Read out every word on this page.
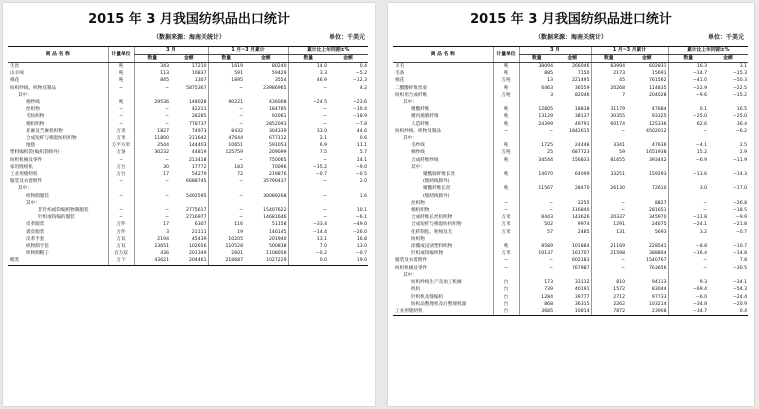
2015 年 3 月我国纺织品出口统计
（数据来源：海南关统计）	单位：千美元
商 品 名 称	计量单位	3 月		1 月~3 月累计		累计比上年同期±%	
		数量	金额	数量	金额	数量	金额
生丝	吨	343	17210	1619	80240	14.0	0.4
山羊绒	吨	113	10837	591	59429	3.3	−5.2
棉花	吨	845	1307	1895	3554	46.9	−12.3
纺织纱线、织物及制品	−	−	5875367	−	23986965	−	4.2
其中：							
棉纱线	吨	29536	148028	90221	436008	−24.5	−23.6
丝织物	−	−	42211	−	184785	−	−10.4
毛纺织物	−	−	28285	−	92061	−	−18.9
棉机织物	−	−	778737	−	2852093	−	−7.8
亚麻及苎麻机织物	万米	1827	74973	8432	304339	33.0	44.6
合成短纤与棉混纺机织物	万米	11800	211642	47644	677112	2.1	0.6
地毯	万平方米	2544	144403	10651	591053	6.9	11.1
塑料编织袋(编织袋除外)	万条	30232	44819	125759	209099	7.5	5.7
纺织机械及零件	−	−	213418	−	750065	−	14.1
家用缝纫机	万台	30	17772	183	70096	−15.2	−9.0
工业用缝纫机	万台	17	54279	72	219876	−0.7	−0.5
服装及衣着附件	−	−	6688745	−	35790437	−	2.0
其中：							
织物制服装	−	−	5492595	−	30089268	−	1.6
其中：							
非针织或钩编织物制服装	−	−	2775617	−	15407622	−	10.1
针织或钩编的服装	−	−	2716977	−	14681646	−	−6.1
皮革服装	万件	17	6307	116	51158	−33.4	−49.0
裘皮服装	万件	3	21111	19	146145	−14.4	−26.0
皮革手套	万双	2194	45439	10205	201940	13.1	16.8
织物制手套	万双	23651	102656	110528	500838	7.0	13.0
织物制帽子	百万双	436	201349	2601	1108058	−0.2	−0.7
帽类	万个	43621	204461	218687	1027229	0.0	19.0
2015 年 3 月我国纺织品进口统计
（数据来源：海南关统计）	单位：千美元
商 品 名 称	计量单位	3 月		1 月~3 月累计		累计比上年同期±%	
		数量	金额	数量	金额	数量	金额
羊毛	吨	38094	266046	83994	602831	16.3	3.1
毛条	吨	885	7150	2173	15691	−14.7	−15.3
棉花	万吨	13	221495	45	761562	−41.0	−50.3
二醋酸纤维丝束	吨	6463	36559	20268	114835	−22.9	−22.5
纺织用合成纤维	万吨	3	82046	7	204028	−9.6	−15.2
其中：							
聚酯纤维	吨	12805	18838	31179	47684	0.1	16.5
聚丙烯腈纤维	吨	13129	38137	30355	93325	−25.0	−25.0
人造纤维	吨	24399	49791	60174	125336	62.6	36.4
纺织纱线、织物及制品	−	−	1842615	−	4502012	−	−6.2
其中：							
毛纱线	吨	1725	24448	3341	47636	−4.1	2.5
棉纱线	万吨	25	687723	59	1651938	15.2	2.9
合成纤维纱线	吨	34544	156833	81655	393442	−6.9	−11.9
其中：							
聚酰胺纤维长丝	吨	14070	64099	33251	159293	−13.6	−14.3
(缝纫线除外)							
聚酯纤维长丝	吨	11567	28470	26130	72610	3.0	−17.0
(缝纫线除外)							
丝织物	−	−	3255	−	8827	−	−26.8
棉机织物	−	−	116840	−	281651	−	−18.5
合成纤维长丝机织物	万米	8443	143626	20337	345970	−11.8	−9.9
合成短纤与棉混纺机织物	万米	502	9974	1291	24675	−24.1	−21.8
化纤制毡、呢绒及无	万米	57	2485	131	5693	3.2	−0.7
纺织物							
涂覆或浸渍塑料织物	吨	8589	101884	21169	228541	−8.8	−10.7
针织或钩编织物	万米	10137	161707	21598	388804	−16.4	−14.8
服装及衣着附件	−	−	602183	−	1540767	−	7.8
纺织机械及零件	−	−	767987	−	763656	−	−30.5
其中：							
纺织纱线生产及加工机械	台	173	33112	810	94113	9.3	−34.1
织机	台	739	40191	1572	83044	−69.4	−54.3
针织机及缝编机	台	1284	39777	2712	97733	−6.0	−24.4
纺织品整理机及后整理机器	台	868	36315	2262	103214	−34.8	−20.9
工业用缝纫机	台	3685	10814	7872	23908	−34.7	0.4
